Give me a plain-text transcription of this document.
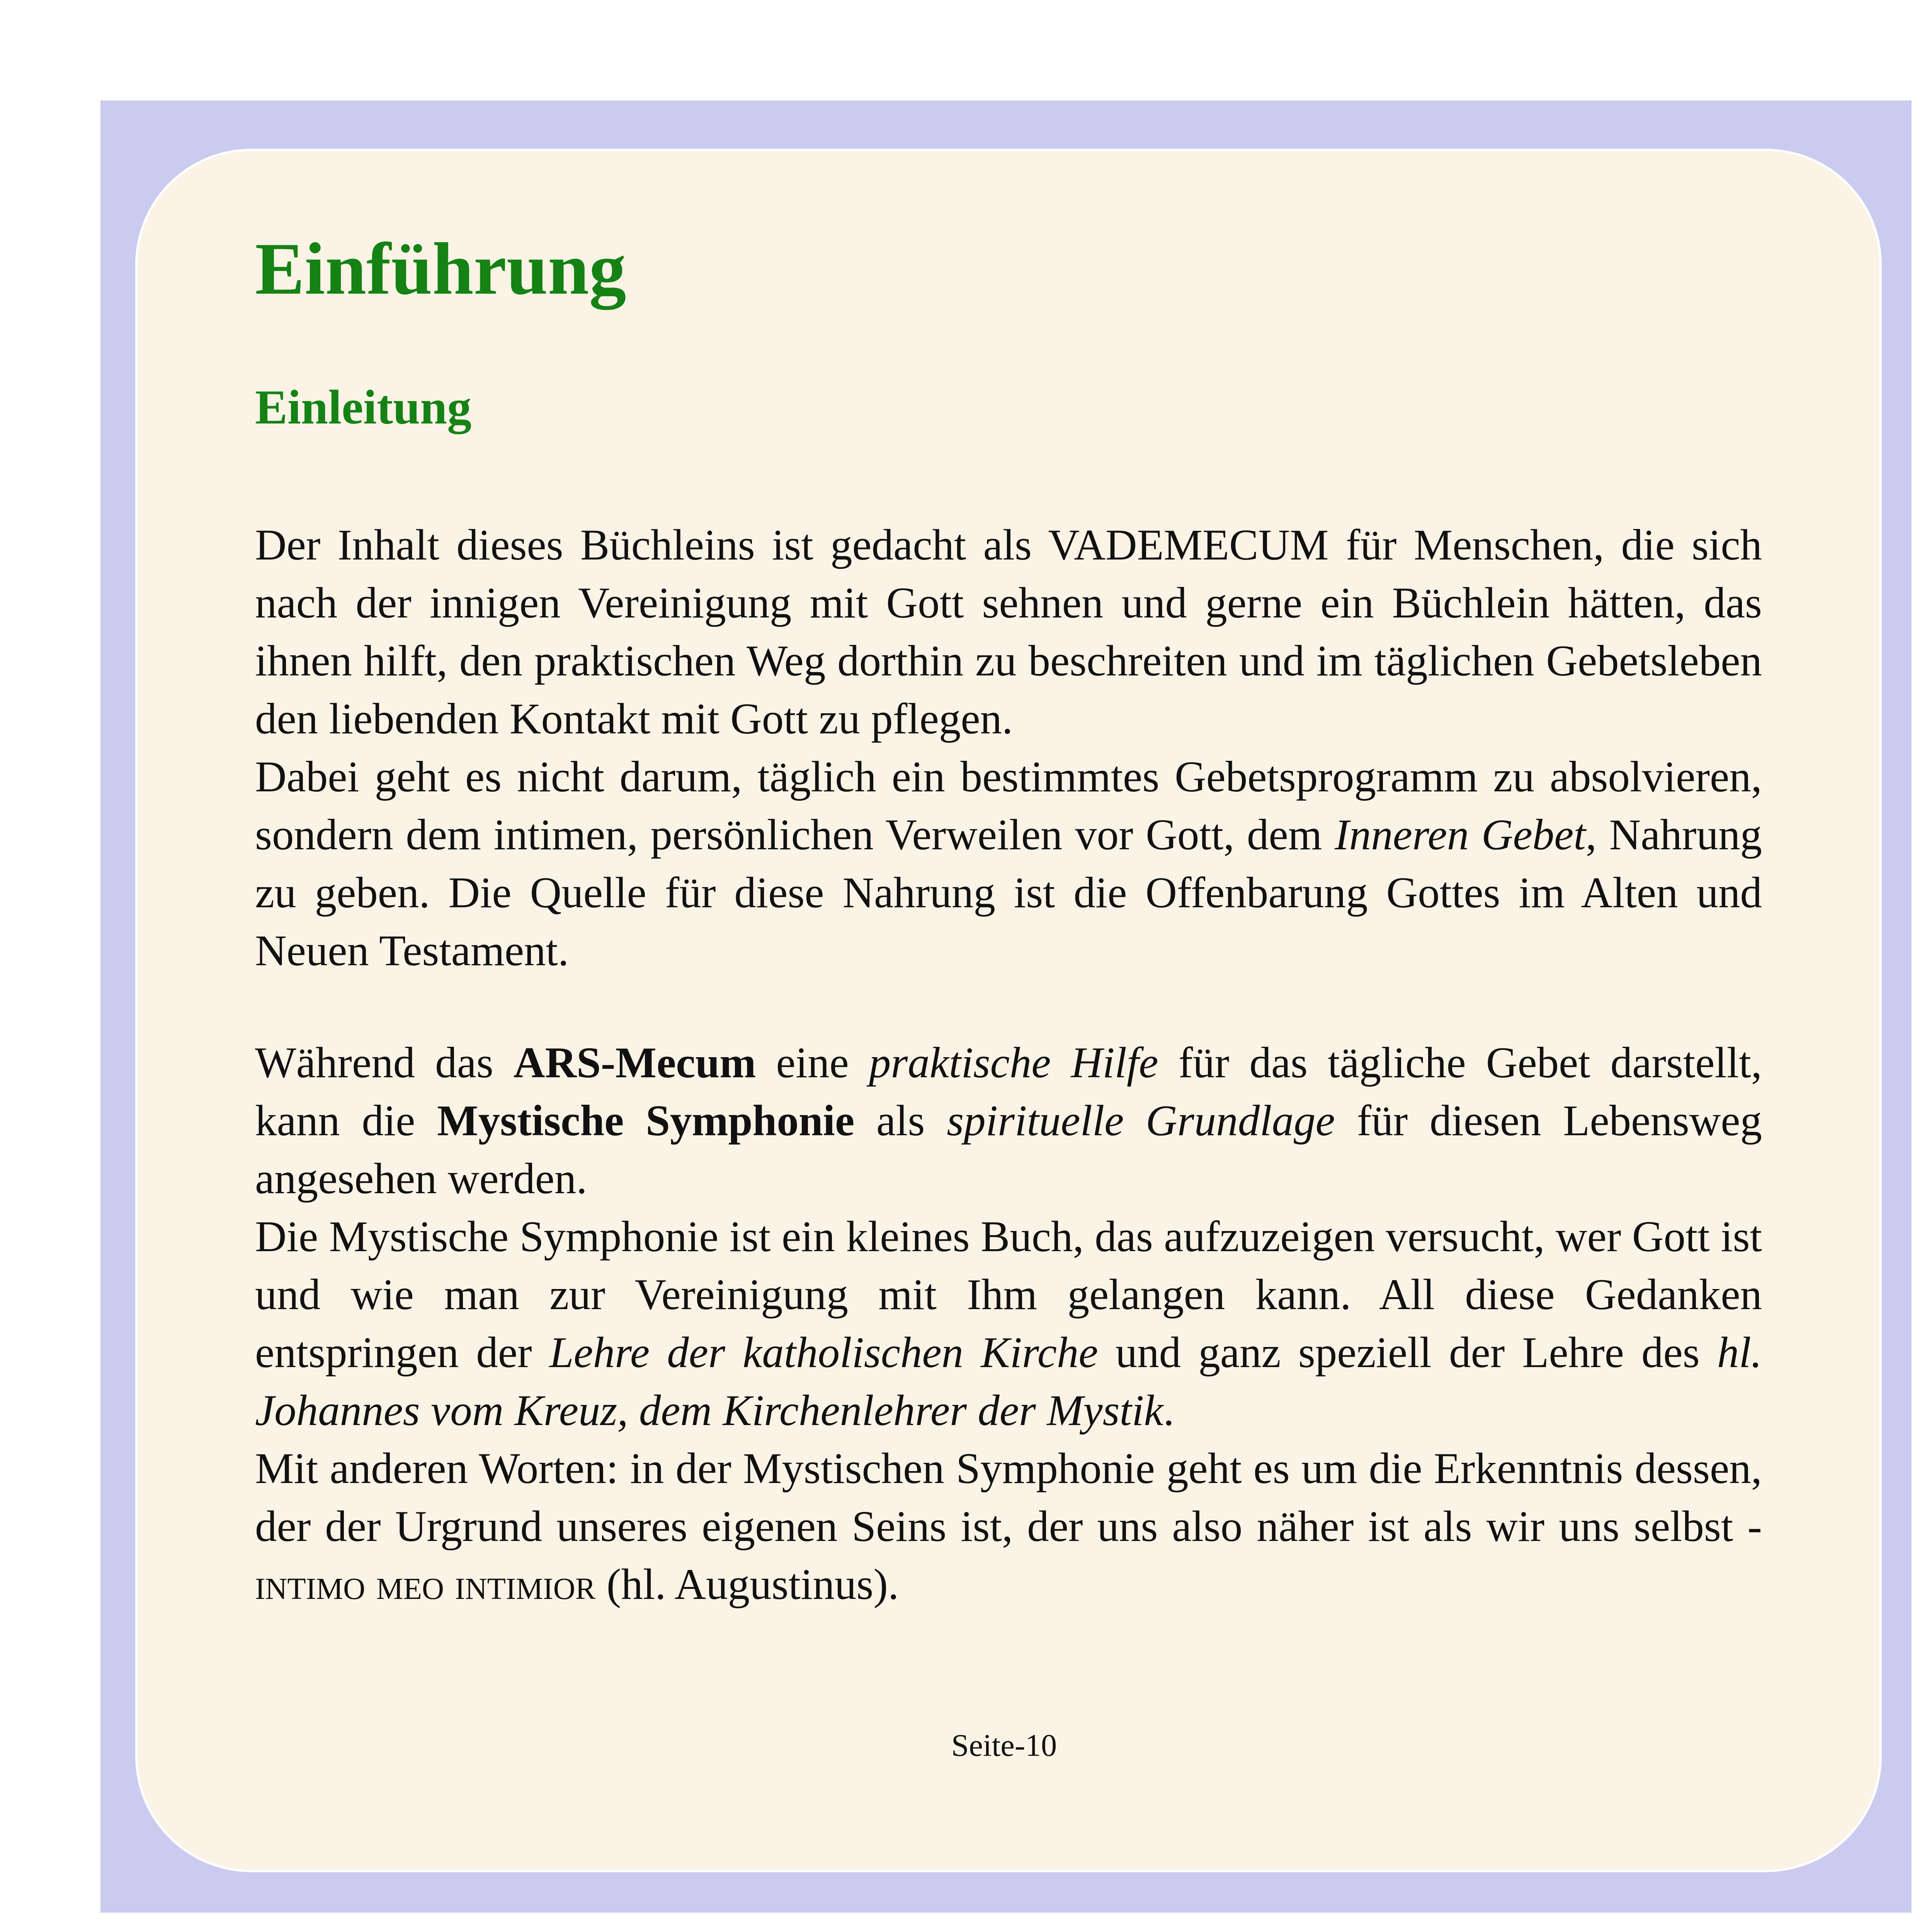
Einführung
Einleitung

Der Inhalt dieses Büchleins ist gedacht als VADEMECUM für Menschen, die sich nach der innigen Vereinigung mit Gott sehnen und gerne ein Büchlein hätten, das ihnen hilft, den praktischen Weg dorthin zu beschreiten und im täglichen Gebetsleben den liebenden Kontakt mit Gott zu pflegen.

Dabei geht es nicht darum, täglich ein bestimmtes Gebetsprogramm zu absolvieren, sondern dem intimen, persönlichen Verweilen vor Gott, dem Inneren Gebet, Nahrung zu geben. Die Quelle für diese Nahrung ist die Offenbarung Gottes im Alten und Neuen Testament.

Während das ARS-Mecum eine praktische Hilfe für das tägliche Gebet darstellt, kann die Mystische Symphonie als spirituelle Grundlage für diesen Lebensweg angesehen werden.

Die Mystische Symphonie ist ein kleines Buch, das aufzuzeigen versucht, wer Gott ist und wie man zur Vereinigung mit Ihm gelangen kann. All diese Gedanken entspringen der Lehre der katholischen Kirche und ganz speziell der Lehre des hl. Johannes vom Kreuz, dem Kirchenlehrer der Mystik.

Mit anderen Worten: in der Mystischen Symphonie geht es um die Erkenntnis dessen, der der Urgrund unseres eigenen Seins ist, der uns also näher ist als wir uns selbst - intimo meo intimior (hl. Augustinus).

Seite-10
